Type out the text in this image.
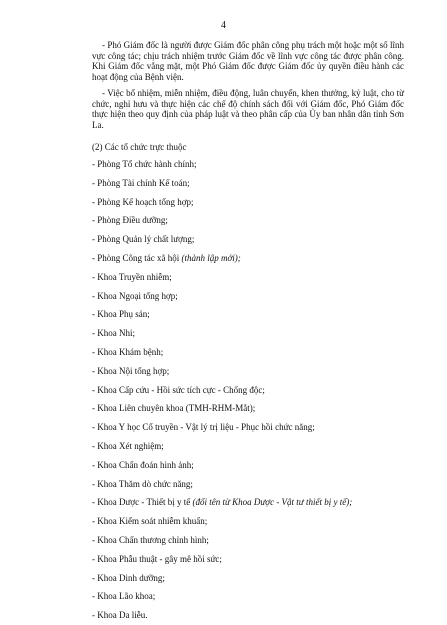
4

- Phó Giám đốc là người được Giám đốc phân công phụ trách một hoặc một số lĩnh vực công tác; chịu trách nhiệm trước Giám đốc về lĩnh vực công tác được phân công. Khi Giám đốc vắng mặt, một Phó Giám đốc được Giám đốc ủy quyền điều hành các hoạt động của Bệnh viện.

- Việc bổ nhiệm, miễn nhiệm, điều động, luân chuyển, khen thưởng, kỷ luật, cho từ chức, nghỉ hưu và thực hiện các chế độ chính sách đối với Giám đốc, Phó Giám đốc thực hiện theo quy định của pháp luật và theo phân cấp của Ủy ban nhân dân tỉnh Sơn La.

(2) Các tổ chức trực thuộc
- Phòng Tổ chức hành chính;
- Phòng Tài chính Kế toán;
- Phòng Kế hoạch tổng hợp;
- Phòng Điều dưỡng;
- Phòng Quản lý chất lượng;
- Phòng Công tác xã hội (thành lập mới);
- Khoa Truyền nhiễm;
- Khoa Ngoại tổng hợp;
- Khoa Phụ sản;
- Khoa Nhi;
- Khoa Khám bệnh;
- Khoa Nội tổng hợp;
- Khoa Cấp cứu - Hồi sức tích cực - Chống độc;
- Khoa Liên chuyên khoa (TMH-RHM-Mắt);
- Khoa Y học Cổ truyền - Vật lý trị liệu - Phục hồi chức năng;
- Khoa Xét nghiệm;
- Khoa Chẩn đoán hình ảnh;
- Khoa Thăm dò chức năng;
- Khoa Dược - Thiết bị y tế (đổi tên từ Khoa Dược - Vật tư thiết bị y tế);
- Khoa Kiểm soát nhiễm khuẩn;
- Khoa Chấn thương chỉnh hình;
- Khoa Phẫu thuật - gây mê hồi sức;
- Khoa Dinh dưỡng;
- Khoa Lão khoa;
- Khoa Da liễu.
